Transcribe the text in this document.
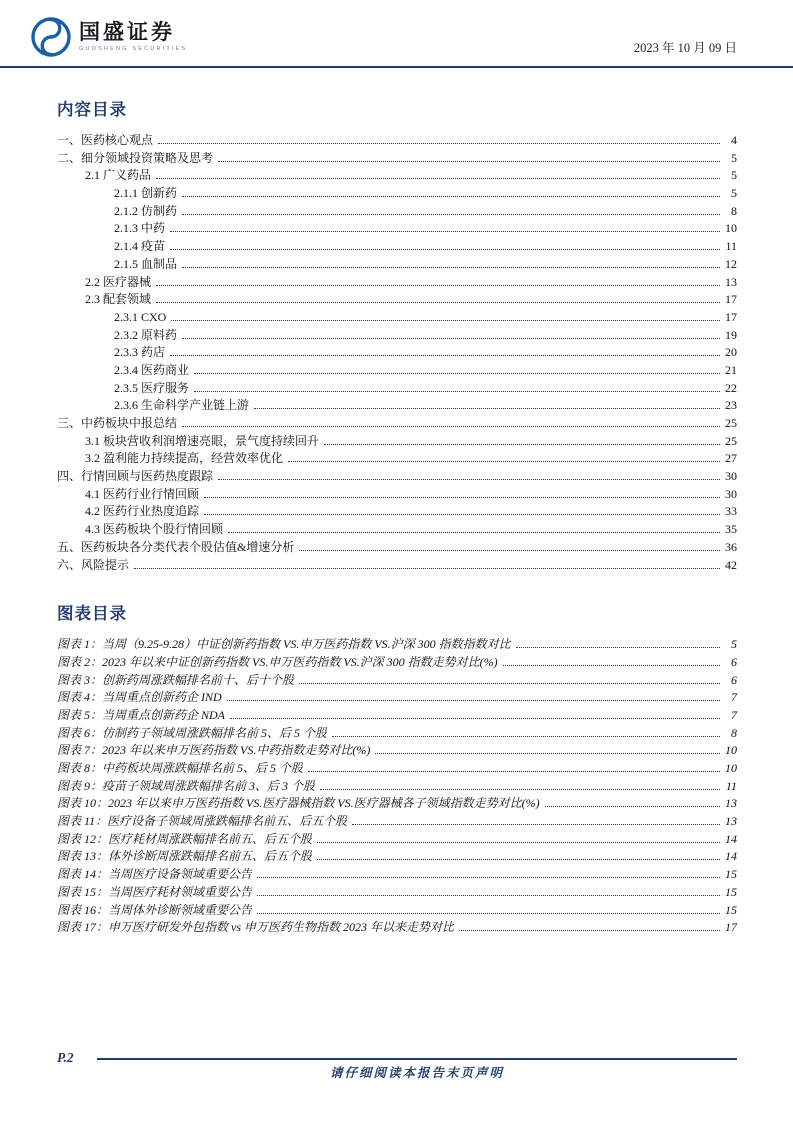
国盛证券
GUOSHENG SECURITIES	2023 年 10 月 09 日
内容目录
一、医药核心观点	4
二、细分领域投资策略及思考	5
2.1 广义药品	5
2.1.1 创新药	5
2.1.2 仿制药	8
2.1.3 中药	10
2.1.4 疫苗	11
2.1.5 血制品	12
2.2 医疗器械	13
2.3 配套领域	17
2.3.1 CXO	17
2.3.2 原料药	19
2.3.3 药店	20
2.3.4 医药商业	21
2.3.5 医疗服务	22
2.3.6 生命科学产业链上游	23
三、中药板块中报总结	25
3.1 板块营收利润增速亮眼，景气度持续回升	25
3.2 盈利能力持续提高，经营效率优化	27
四、行情回顾与医药热度跟踪	30
4.1 医药行业行情回顾	30
4.2 医药行业热度追踪	33
4.3 医药板块个股行情回顾	35
五、医药板块各分类代表个股估值&增速分析	36
六、风险提示	42
图表目录
图表 1：当周（9.25-9.28）中证创新药指数 VS.申万医药指数 VS.沪深 300 指数指数对比	5
图表 2：2023 年以来中证创新药指数 VS.申万医药指数 VS.沪深 300 指数走势对比(%)	6
图表 3：创新药周涨跌幅排名前十、后十个股	6
图表 4：当周重点创新药企 IND	7
图表 5：当周重点创新药企 NDA	7
图表 6：仿制药子领域周涨跌幅排名前 5、后 5 个股	8
图表 7：2023 年以来申万医药指数 VS.中药指数走势对比(%)	10
图表 8：中药板块周涨跌幅排名前 5、后 5 个股	10
图表 9：疫苗子领域周涨跌幅排名前 3、后 3 个股	11
图表 10：2023 年以来申万医药指数 VS.医疗器械指数 VS.医疗器械各子领域指数走势对比(%)	13
图表 11：医疗设备子领域周涨跌幅排名前五、后五个股	13
图表 12：医疗耗材周涨跌幅排名前五、后五个股	14
图表 13：体外诊断周涨跌幅排名前五、后五个股	14
图表 14：当周医疗设备领域重要公告	15
图表 15：当周医疗耗材领域重要公告	15
图表 16：当周体外诊断领域重要公告	15
图表 17：申万医疗研发外包指数 vs 申万医药生物指数 2023 年以来走势对比	17
P.2
请仔细阅读本报告末页声明
